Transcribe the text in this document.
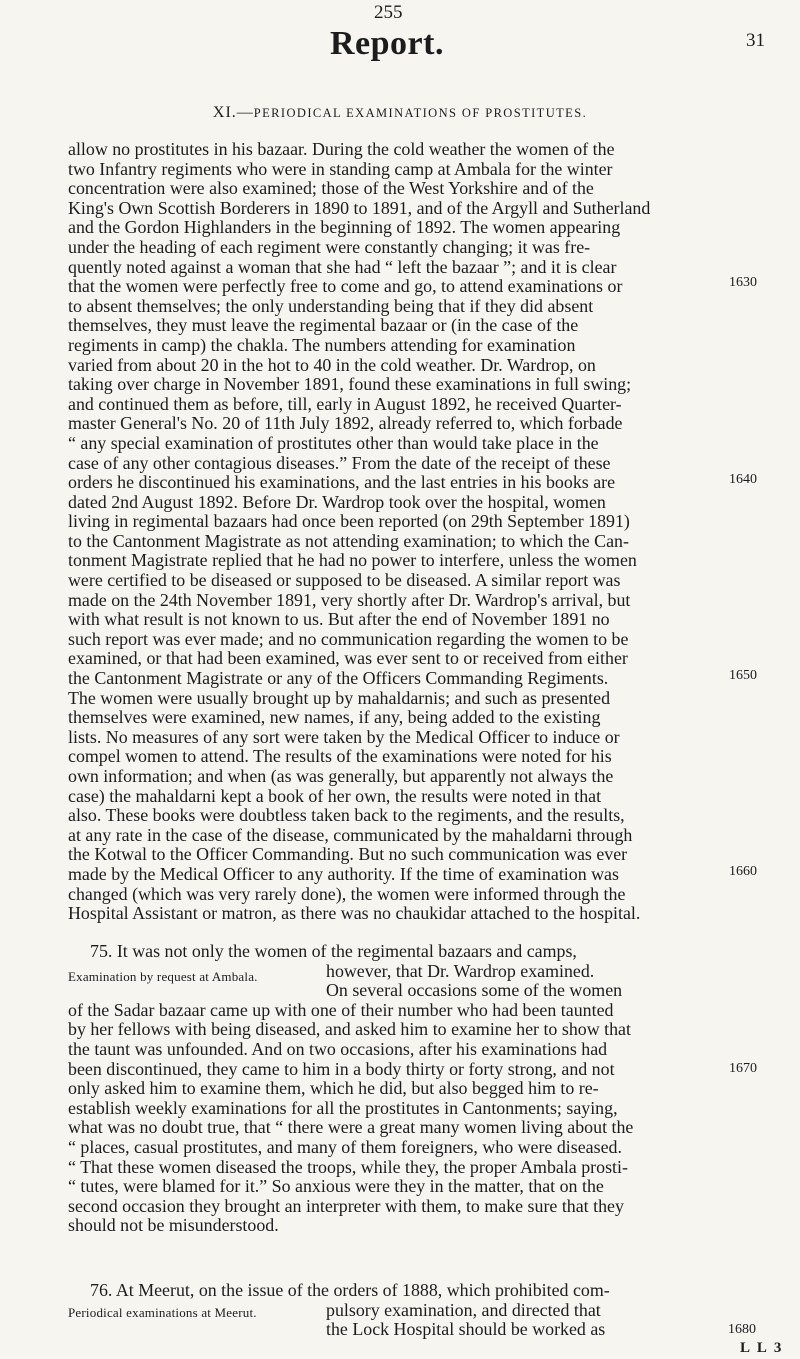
255
Report.	31
XI.—PERIODICAL EXAMINATIONS OF PROSTITUTES.

allow no prostitutes in his bazaar. During the cold weather the women of the
two Infantry regiments who were in standing camp at Ambala for the winter
concentration were also examined; those of the West Yorkshire and of the
King's Own Scottish Borderers in 1890 to 1891, and of the Argyll and Sutherland
and the Gordon Highlanders in the beginning of 1892. The women appearing
under the heading of each regiment were constantly changing; it was fre-
quently noted against a woman that she had “ left the bazaar ”; and it is clear
that the women were perfectly free to come and go, to attend examinations or
to absent themselves; the only understanding being that if they did absent
themselves, they must leave the regimental bazaar or (in the case of the
regiments in camp) the chakla. The numbers attending for examination
varied from about 20 in the hot to 40 in the cold weather. Dr. Wardrop, on
taking over charge in November 1891, found these examinations in full swing;
and continued them as before, till, early in August 1892, he received Quarter-
master General's No. 20 of 11th July 1892, already referred to, which forbade
“ any special examination of prostitutes other than would take place in the
case of any other contagious diseases.” From the date of the receipt of these
orders he discontinued his examinations, and the last entries in his books are
dated 2nd August 1892. Before Dr. Wardrop took over the hospital, women
living in regimental bazaars had once been reported (on 29th September 1891)
to the Cantonment Magistrate as not attending examination; to which the Can-
tonment Magistrate replied that he had no power to interfere, unless the women
were certified to be diseased or supposed to be diseased. A similar report was
made on the 24th November 1891, very shortly after Dr. Wardrop's arrival, but
with what result is not known to us. But after the end of November 1891 no
such report was ever made; and no communication regarding the women to be
examined, or that had been examined, was ever sent to or received from either
the Cantonment Magistrate or any of the Officers Commanding Regiments.
The women were usually brought up by mahaldarnis; and such as presented
themselves were examined, new names, if any, being added to the existing
lists. No measures of any sort were taken by the Medical Officer to induce or
compel women to attend. The results of the examinations were noted for his
own information; and when (as was generally, but apparently not always the
case) the mahaldarni kept a book of her own, the results were noted in that
also. These books were doubtless taken back to the regiments, and the results,
at any rate in the case of the disease, communicated by the mahaldarni through
the Kotwal to the Officer Commanding. But no such communication was ever
made by the Medical Officer to any authority. If the time of examination was
changed (which was very rarely done), the women were informed through the
Hospital Assistant or matron, as there was no chaukidar attached to the hospital.

75. It was not only the women of the regimental bazaars and camps,

however, that Dr. Wardrop examined.
On several occasions some of the women

of the Sadar bazaar came up with one of their number who had been taunted
by her fellows with being diseased, and asked him to examine her to show that
the taunt was unfounded. And on two occasions, after his examinations had
been discontinued, they came to him in a body thirty or forty strong, and not
only asked him to examine them, which he did, but also begged him to re-
establish weekly examinations for all the prostitutes in Cantonments; saying,
what was no doubt true, that “ there were a great many women living about the
“ places, casual prostitutes, and many of them foreigners, who were diseased.
“ That these women diseased the troops, while they, the proper Ambala prosti-
“ tutes, were blamed for it.” So anxious were they in the matter, that on the
second occasion they brought an interpreter with them, to make sure that they
should not be misunderstood.

Examination by request at Ambala.

76. At Meerut, on the issue of the orders of 1888, which prohibited com-

pulsory examination, and directed that
the Lock Hospital should be worked as

Periodical examinations at Meerut.
1630
1640
1650
1660
1670
1680
L L 3
